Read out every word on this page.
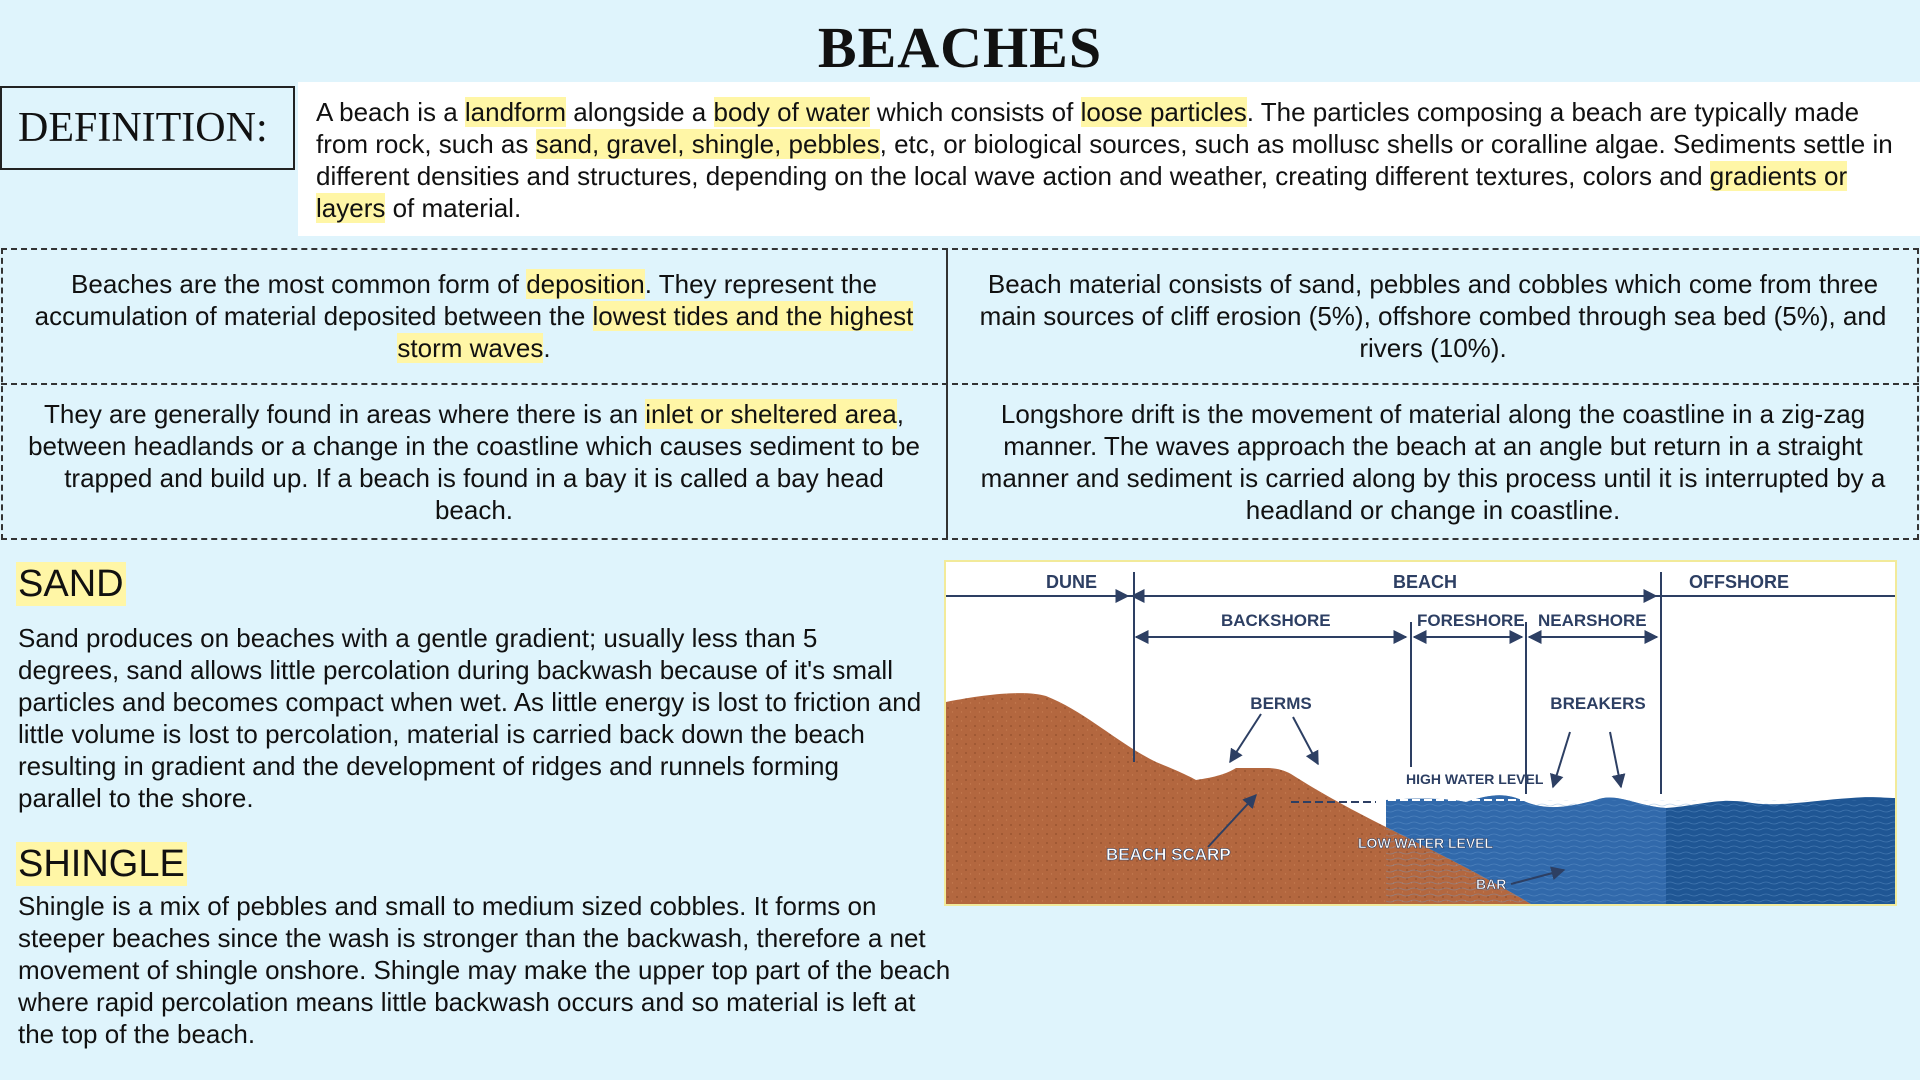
BEACHES
DEFINITION:	A beach is a landform alongside a body of water which consists of loose particles. The particles composing a beach are typically made from rock, such as sand, gravel, shingle, pebbles, etc, or biological sources, such as mollusc shells or coralline algae. Sediments settle in different densities and structures, depending on the local wave action and weather, creating different textures, colors and gradients or layers of material.
Beaches are the most common form of deposition. They represent the accumulation of material deposited between the lowest tides and the highest storm waves.
Beach material consists of sand, pebbles and cobbles which come from three main sources of cliff erosion (5%), offshore combed through sea bed (5%), and rivers (10%).
They are generally found in areas where there is an inlet or sheltered area, between headlands or a change in the coastline which causes sediment to be trapped and build up. If a beach is found in a bay it is called a bay head beach.
Longshore drift is the movement of material along the coastline in a zig-zag manner. The waves approach the beach at an angle but return in a straight manner and sediment is carried along by this process until it is interrupted by a headland or change in coastline.
SAND
Sand produces on beaches with a gentle gradient; usually less than 5 degrees, sand allows little percolation during backwash because of it's small particles and becomes compact when wet. As little energy is lost to friction and little volume is lost to percolation, material is carried back down the beach resulting in gradient and the development of ridges and runnels forming parallel to the shore.
SHINGLE
Shingle is a mix of pebbles and small to medium sized cobbles. It forms on steeper beaches since the wash is stronger than the backwash, therefore a net movement of shingle onshore. Shingle may make the upper top part of the beach where rapid percolation means little backwash occurs and so material is left at the top of the beach.
DUNE	BEACH	OFFSHORE
BACKSHORE	FORESHORE NEARSHORE
BERMS	BREAKERS
HIGH WATER LEVEL
LOW WATER LEVEL
BEACH SCARP
BAR
